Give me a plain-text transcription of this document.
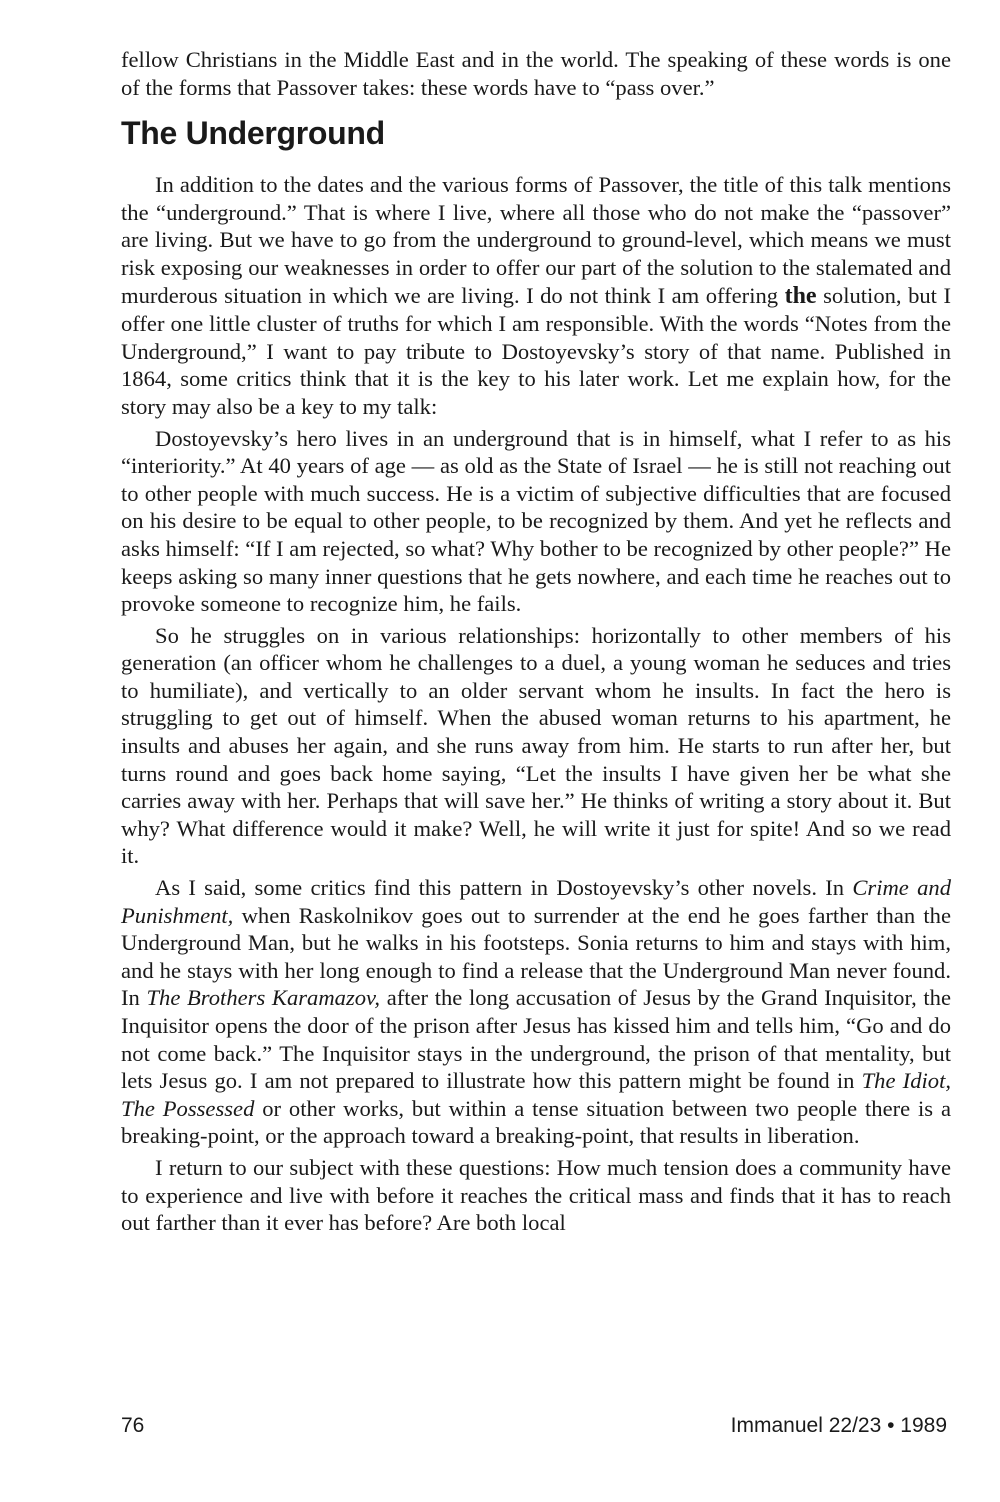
fellow Christians in the Middle East and in the world. The speaking of these words is one of the forms that Passover takes: these words have to “pass over.”

The Underground

In addition to the dates and the various forms of Passover, the title of this talk mentions the “underground.” That is where I live, where all those who do not make the “passover” are living. But we have to go from the underground to ground-level, which means we must risk exposing our weaknesses in order to offer our part of the solution to the stalemated and murderous situation in which we are living. I do not think I am offering the solution, but I offer one little cluster of truths for which I am responsible. With the words “Notes from the Underground,” I want to pay tribute to Dostoyevsky’s story of that name. Published in 1864, some critics think that it is the key to his later work. Let me explain how, for the story may also be a key to my talk:

Dostoyevsky’s hero lives in an underground that is in himself, what I refer to as his “interiority.” At 40 years of age — as old as the State of Israel — he is still not reaching out to other people with much success. He is a victim of subjective difficulties that are focused on his desire to be equal to other people, to be recognized by them. And yet he reflects and asks himself: “If I am rejected, so what? Why bother to be recognized by other people?” He keeps asking so many inner questions that he gets nowhere, and each time he reaches out to provoke someone to recognize him, he fails.

So he struggles on in various relationships: horizontally to other members of his generation (an officer whom he challenges to a duel, a young woman he seduces and tries to humiliate), and vertically to an older servant whom he insults. In fact the hero is struggling to get out of himself. When the abused woman returns to his apartment, he insults and abuses her again, and she runs away from him. He starts to run after her, but turns round and goes back home saying, “Let the insults I have given her be what she carries away with her. Perhaps that will save her.” He thinks of writing a story about it. But why? What difference would it make? Well, he will write it just for spite! And so we read it.

As I said, some critics find this pattern in Dostoyevsky’s other novels. In Crime and Punishment, when Raskolnikov goes out to surrender at the end he goes farther than the Underground Man, but he walks in his footsteps. Sonia returns to him and stays with him, and he stays with her long enough to find a release that the Underground Man never found. In The Brothers Karamazov, after the long accusation of Jesus by the Grand Inquisitor, the Inquisitor opens the door of the prison after Jesus has kissed him and tells him, “Go and do not come back.” The Inquisitor stays in the underground, the prison of that mentality, but lets Jesus go. I am not prepared to illustrate how this pattern might be found in The Idiot, The Possessed or other works, but within a tense situation between two people there is a breaking-point, or the approach toward a breaking-point, that results in liberation.

I return to our subject with these questions: How much tension does a community have to experience and live with before it reaches the critical mass and finds that it has to reach out farther than it ever has before? Are both local

76	Immanuel 22/23 • 1989
